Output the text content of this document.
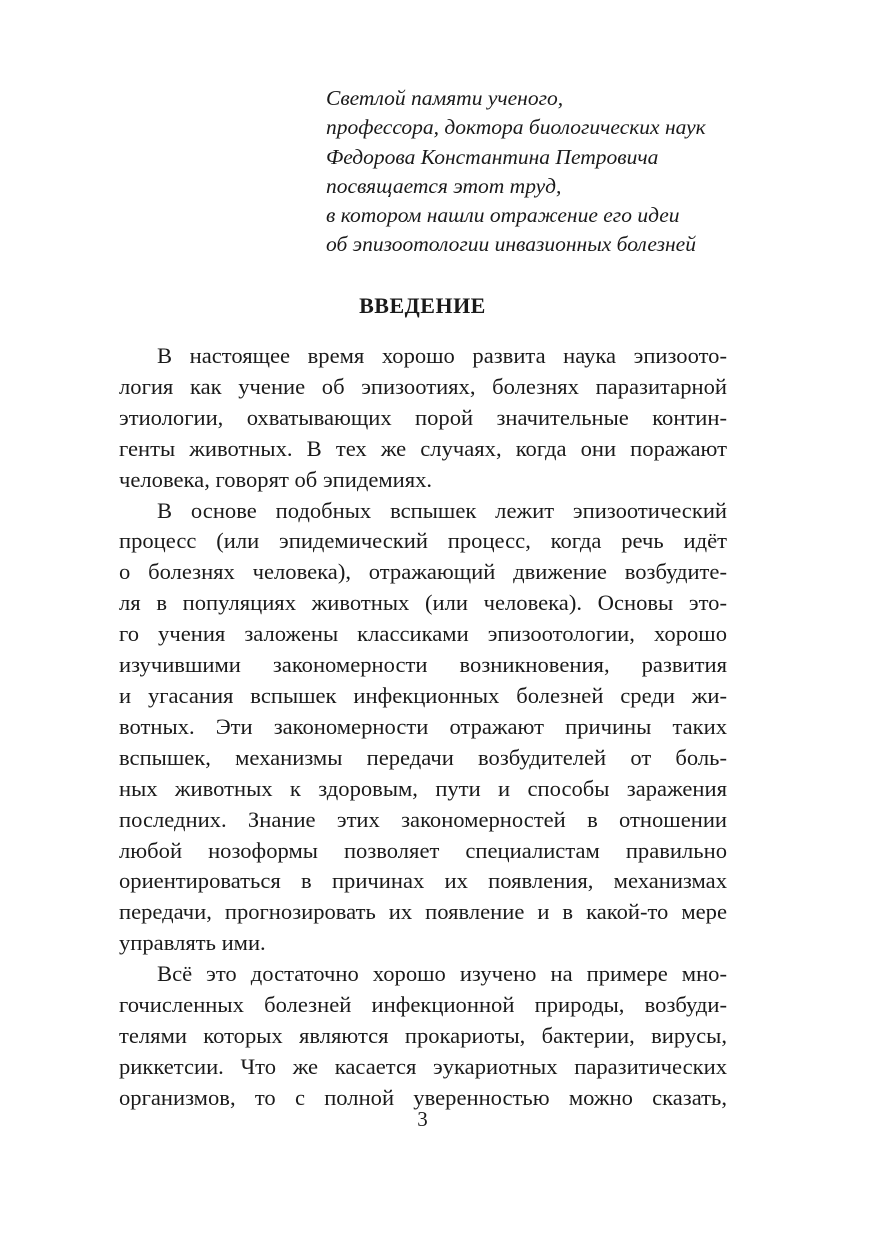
Светлой памяти ученого,
профессора, доктора биологических наук
Федорова Константина Петровича
посвящается этот труд,
в котором нашли отражение его идеи
об эпизоотологии инвазионных болезней
ВВЕДЕНИЕ
В настоящее время хорошо развита наука эпизоото-
логия как учение об эпизоотиях, болезнях паразитарной
этиологии, охватывающих порой значительные контин-
генты животных. В тех же случаях, когда они поражают
человека, говорят об эпидемиях.
В основе подобных вспышек лежит эпизоотический
процесс (или эпидемический процесс, когда речь идёт
о болезнях человека), отражающий движение возбудите-
ля в популяциях животных (или человека). Основы это-
го учения заложены классиками эпизоотологии, хорошо
изучившими закономерности возникновения, развития
и угасания вспышек инфекционных болезней среди жи-
вотных. Эти закономерности отражают причины таких
вспышек, механизмы передачи возбудителей от боль-
ных животных к здоровым, пути и способы заражения
последних. Знание этих закономерностей в отношении
любой нозоформы позволяет специалистам правильно
ориентироваться в причинах их появления, механизмах
передачи, прогнозировать их появление и в какой-то мере
управлять ими.
Всё это достаточно хорошо изучено на примере мно-
гочисленных болезней инфекционной природы, возбуди-
телями которых являются прокариоты, бактерии, вирусы,
риккетсии. Что же касается эукариотных паразитических
организмов, то с полной уверенностью можно сказать,
3
